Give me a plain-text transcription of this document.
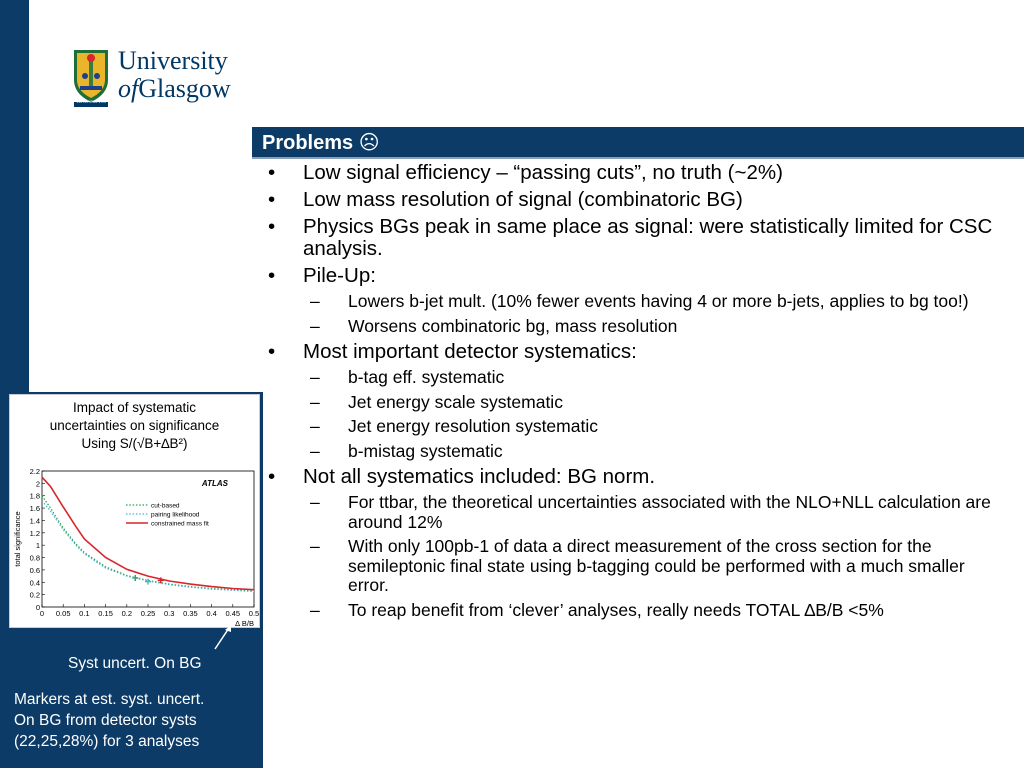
University
ofGlasgow
VIA VERITAS VITA
Problems ☹
• Low signal efficiency – “passing cuts”, no truth (~2%)
• Low mass resolution of signal (combinatoric BG)
• Physics BGs peak in same place as signal: were statistically limited for CSC analysis.
• Pile-Up:
– Lowers b-jet mult. (10% fewer events having 4 or more b-jets, applies to bg too!)
– Worsens combinatoric bg, mass resolution
• Most important detector systematics:
– b-tag eff. systematic
– Jet energy scale systematic
– Jet energy resolution systematic
– b-mistag systematic
• Not all systematics included: BG norm.
– For ttbar, the theoretical uncertainties associated with the NLO+NLL calculation are around 12%
– With only 100pb-1 of data a direct measurement of the cross section for the semileptonic final state using b-tagging could be performed with a much smaller error.
– To reap benefit from ‘clever’ analyses, really needs TOTAL ∆B/B <5%
Impact of systematic
uncertainties on significance
Using S/(√B+∆B²)
0
0.2
0.4
0.6
0.8
1
1.2
1.4
1.6
1.8
2
2.2
0 0.05 0.1 0.15 0.2 0.25 0.3 0.35 0.4 0.45 0.5
∆ B/B
total significance
ATLAS
cut-based
pairing likelihood
constrained mass fit
Syst uncert. On BG
Markers at est. syst. uncert.
On BG from detector systs
(22,25,28%) for 3 analyses
